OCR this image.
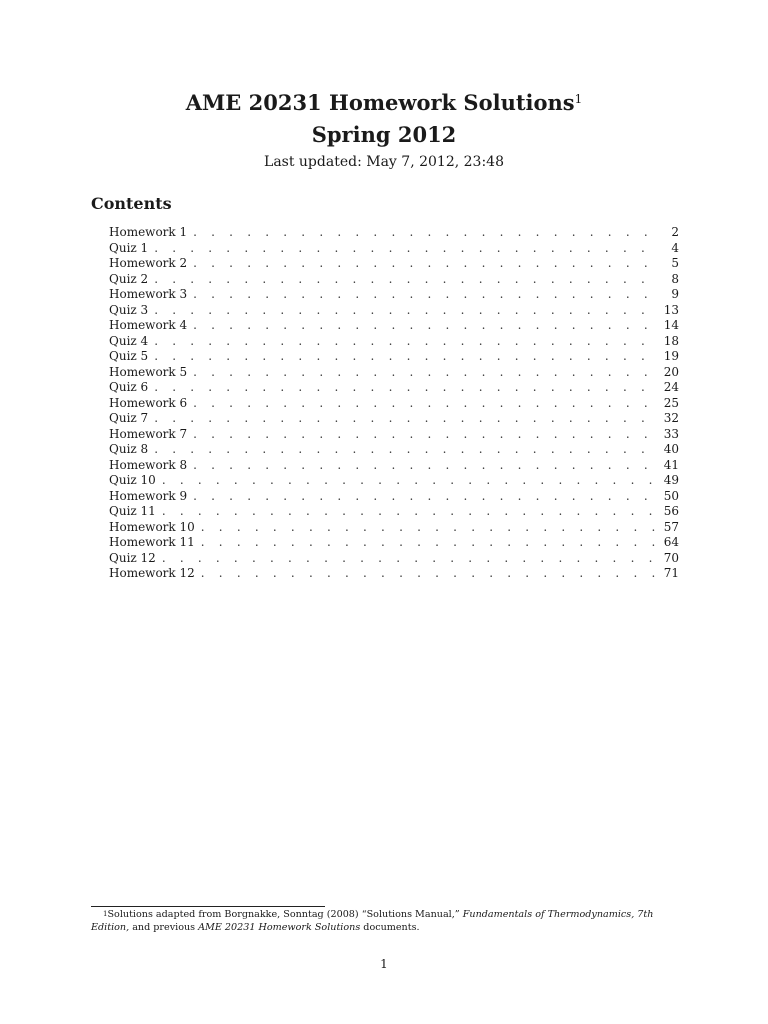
AME 20231 Homework Solutions$^1$
Spring 2012
Last updated: May 7, 2012, 23:48
Contents
Homework 1 . . .	2
Quiz 1 . . .	4
Homework 2 . . .	5
Quiz 2 . . .	8
Homework 3 . . .	9
Quiz 3 . . .	13
Homework 4 . . .	14
Quiz 4 . . .	18
Quiz 5 . . .	19
Homework 5 . . .	20
Quiz 6 . . .	24
Homework 6 . . .	25
Quiz 7 . . .	32
Homework 7 . . .	33
Quiz 8 . . .	40
Homework 8 . . .	41
Quiz 10 . . .	49
Homework 9 . . .	50
Quiz 11 . . .	56
Homework 10 . . .	57
Homework 11 . . .	64
Quiz 12 . . .	70
Homework 12 . . .	71
$^1$Solutions adapted from Borgnakke, Sonntag (2008) “Solutions Manual,” Fundamentals of Thermodynamics, 7th Edition, and previous AME 20231 Homework Solutions documents.
1
